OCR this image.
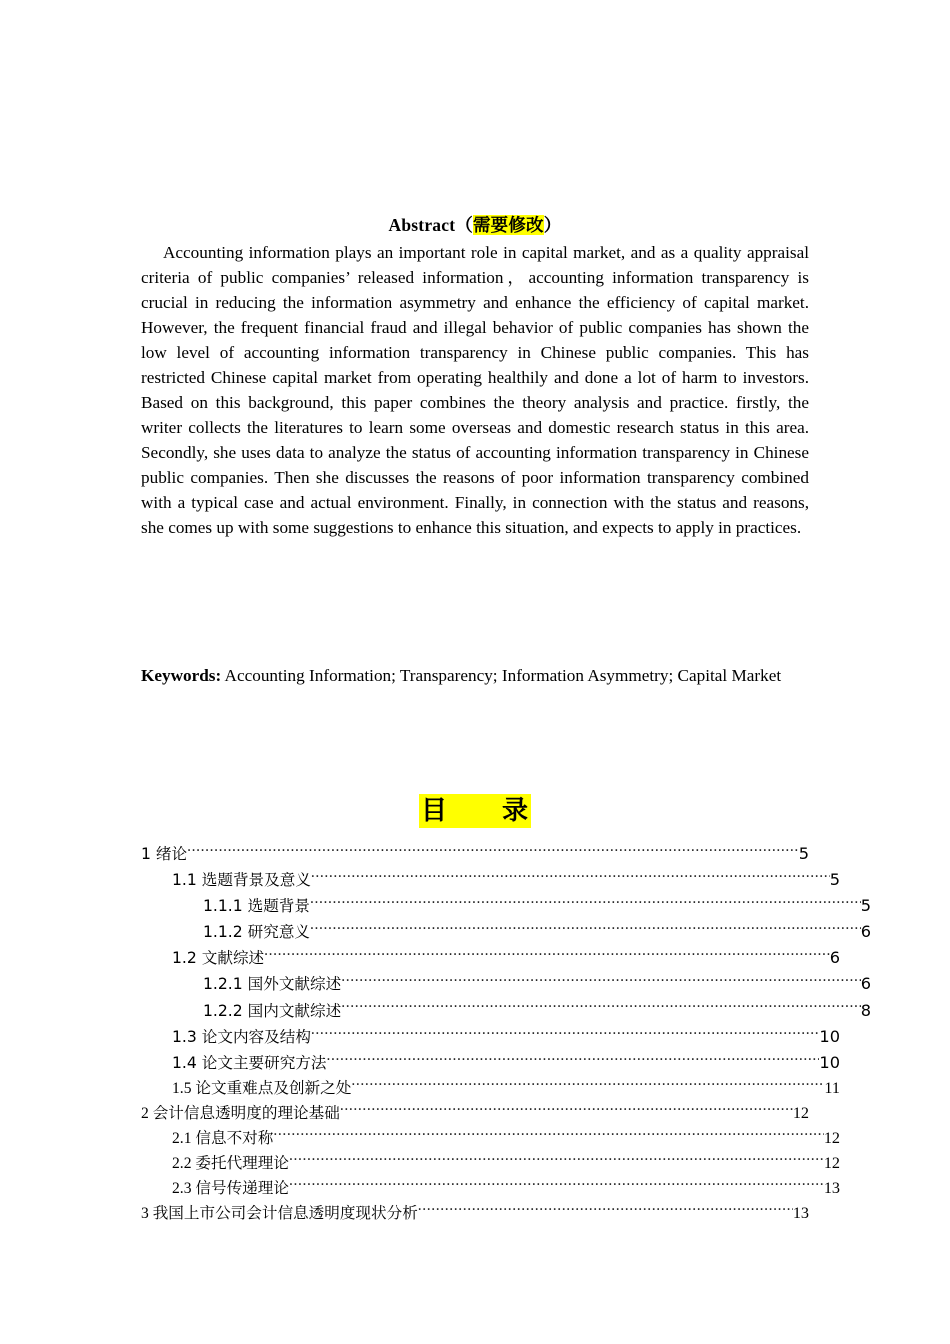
Abstract（需要修改）

Accounting information plays an important role in capital market, and as a quality appraisal criteria of public companies’ released information，accounting information transparency is crucial in reducing the information asymmetry and enhance the efficiency of capital market. However, the frequent financial fraud and illegal behavior of public companies has shown the low level of accounting information transparency in Chinese public companies. This has restricted Chinese capital market from operating healthily and done a lot of harm to investors. Based on this background, this paper combines the theory analysis and practice. firstly, the writer collects the literatures to learn some overseas and domestic research status in this area. Secondly, she uses data to analyze the status of accounting information transparency in Chinese public companies. Then she discusses the reasons of poor information transparency combined with a typical case and actual environment. Finally, in connection with the status and reasons, she comes up with some suggestions to enhance this situation, and expects to apply in practices.

Keywords: Accounting Information; Transparency; Information Asymmetry; Capital Market
目　　录
1 绪论 .....	5
1.1 选题背景及意义 .....	5
1.1.1 选题背景 .....	5
1.1.2 研究意义 .....	6
1.2 文献综述 .....	6
1.2.1 国外文献综述 .....	6
1.2.2 国内文献综述 .....	8
1.3 论文内容及结构 .....	10
1.4 论文主要研究方法 .....	10
1.5 论文重难点及创新之处 .....	11
2 会计信息透明度的理论基础 .....	12
2.1 信息不对称 .....	12
2.2 委托代理理论 .....	12
2.3 信号传递理论 .....	13
3 我国上市公司会计信息透明度现状分析 .....	13
